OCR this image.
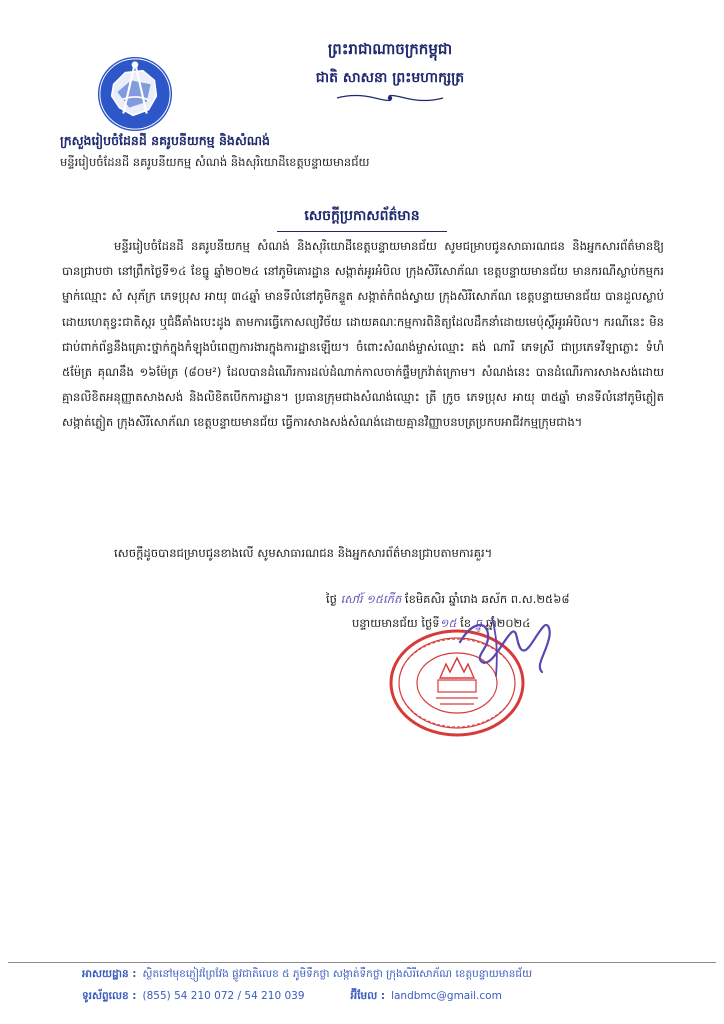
ព្រះរាជាណាចក្រកម្ពុជា
ជាតិ សាសនា ព្រះមហាក្សត្រ
ក្រសួងរៀបចំដែនដី នគរូបនីយកម្ម និងសំណង់
មន្ទីររៀបចំដែនដី នគរូបនីយកម្ម សំណង់ និងសុរិយោដីខេត្តបន្ទាយមានជ័យ
សេចក្ដីប្រកាសព័ត៌មាន
មន្ទីររៀបចំដែនដី នគរូបនីយកម្ម សំណង់ និងសុរិយោដីខេត្តបន្ទាយមានជ័យ សូមជម្រាបជូនសាធារណជន និងអ្នកសារព័ត៌មានឱ្យបានជ្រាបថា នៅព្រឹកថ្ងៃទី១៤ ខែធ្នូ ឆ្នាំ២០២៤ នៅភូមិគោរដ្ឋាន សង្កាត់អូរអំបិល ក្រុងសិរីសោភ័ណ ខេត្តបន្ទាយមានជ័យ មានករណីស្លាប់កម្មករម្នាក់ឈ្មោះ សំ សុភ័ក្រ ភេទប្រុស អាយុ ៣៤ឆ្នាំ មានទីលំនៅភូមិកន្ទួត សង្កាត់កំពង់ស្វាយ ក្រុងសិរីសោភ័ណ ខេត្តបន្ទាយមានជ័យ បានដួលស្លាប់ដោយហេតុខ្វះជាតិស្ករ ឬជំងឺគាំងបេះដូង តាមការធ្វើកោសល្យវិច័យ ដោយគណៈកម្មការពិនិត្យដែលដឹកនាំដោយមេប៉ុស្តិ៍អូរអំបិល។ ករណីនេះ មិនជាប់ពាក់ព័ន្ធនឹងគ្រោះថ្នាក់ក្នុងកំឡុងបំពេញការងារក្នុងការដ្ឋានឡើយ។ ចំពោះសំណង់ម្ចាស់ឈ្មោះ គង់ ណារី ភេទស្រី ជាប្រភេទវីឡាភ្លោះ ទំហំ ៥ម៉ែត្រ គុណនឹង ១៦ម៉ែត្រ (៨០ម²) ដែលបានដំណើរការដល់ដំណាក់កាលចាក់ផ្ទឹមក្រវ៉ាត់ក្រោម។ សំណង់នេះ បានដំណើរការសាងសង់ដោយគ្មានលិខិតអនុញ្ញាតសាងសង់ និងលិខិតបើកការដ្ឋាន។ ប្រធានក្រុមជាងសំណង់ឈ្មោះ ត្រី ក្រូច ភេទប្រុស អាយុ ៣៥ឆ្នាំ មានទីលំនៅភូមិភ្លៀត សង្កាត់ភ្លៀត ក្រុងសិរីសោភ័ណ ខេត្តបន្ទាយមានជ័យ ធ្វើការសាងសង់សំណង់ដោយគ្មានវិញ្ញាបនបត្រប្រកបអាជីវកម្មក្រុមជាង។
សេចក្ដីដូចបានជម្រាបជូនខាងលើ សូមសាធារណជន និងអ្នកសារព័ត៌មានជ្រាបតាមការគួរ។
ថ្ងៃ សៅរ៍ ១៥កើត ខែមិគសិរ ឆ្នាំរោង ឆស័ក ព.ស.២៥៦៨
បន្ទាយមានជ័យ ថ្ងៃទី១៥ ខែ ធ្នូ ឆ្នាំ២០២៤
អាសយដ្ឋាន : ស្ថិតនៅមុខភ្ញៀវព្រៃវែង ផ្លូវជាតិលេខ ៥ ភូមិទឹកថ្លា សង្កាត់ទឹកថ្លា ក្រុងសិរីសោភ័ណ ខេត្តបន្ទាយមានជ័យ
ទូរស័ព្ទលេខ : (855) 54 210 072 / 54 210 039	អ៊ីមែល : landbmc@gmail.com
